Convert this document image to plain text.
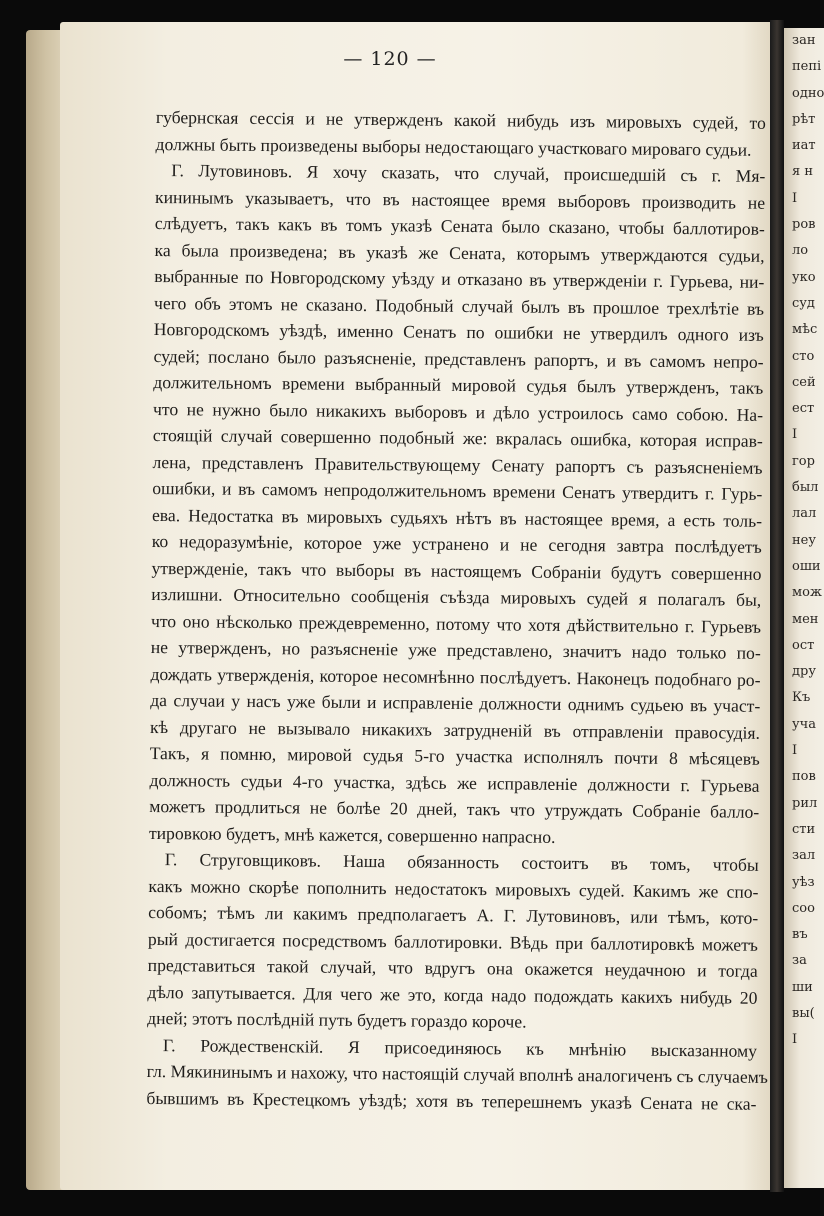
— 120 —
губернская сессія и не утвержденъ какой нибудь изъ мировыхъ судей, то
должны быть произведены выборы недостающаго участковаго мироваго судьи.
Г. Лутовиновъ. Я хочу сказать, что случай, происшедшій съ г. Мя-
кининымъ указываетъ, что въ настоящее время выборовъ производить не
слѣдуетъ, такъ какъ въ томъ указѣ Сената было сказано, чтобы баллотиров-
ка была произведена; въ указѣ же Сената, которымъ утверждаются судьи,
выбранные по Новгородскому уѣзду и отказано въ утвержденіи г. Гурьева, ни-
чего объ этомъ не сказано. Подобный случай былъ въ прошлое трехлѣтіе въ
Новгородскомъ уѣздѣ, именно Сенатъ по ошибки не утвердилъ одного изъ
судей; послано было разъясненіе, представленъ рапортъ, и въ самомъ непро-
должительномъ времени выбранный мировой судья былъ утвержденъ, такъ
что не нужно было никакихъ выборовъ и дѣло устроилось само собою. На-
стоящій случай совершенно подобный же: вкралась ошибка, которая исправ-
лена, представленъ Правительствующему Сенату рапортъ съ разъясненіемъ
ошибки, и въ самомъ непродолжительномъ времени Сенатъ утвердитъ г. Гурь-
ева. Недостатка въ мировыхъ судьяхъ нѣтъ въ настоящее время, а есть толь-
ко недоразумѣніе, которое уже устранено и не сегодня завтра послѣдуетъ
утвержденіе, такъ что выборы въ настоящемъ Собраніи будутъ совершенно
излишни. Относительно сообщенія съѣзда мировыхъ судей я полагалъ бы,
что оно нѣсколько преждевременно, потому что хотя дѣйствительно г. Гурьевъ
не утвержденъ, но разъясненіе уже представлено, значитъ надо только по-
дождать утвержденія, которое несомнѣнно послѣдуетъ. Наконецъ подобнаго ро-
да случаи у насъ уже были и исправленіе должности однимъ судьею въ участ-
кѣ другаго не вызывало никакихъ затрудненій въ отправленіи правосудія.
Такъ, я помню, мировой судья 5-го участка исполнялъ почти 8 мѣсяцевъ
должность судьи 4-го участка, здѣсь же исправленіе должности г. Гурьева
можетъ продлиться не болѣе 20 дней, такъ что утруждать Собраніе балло-
тировкою будетъ, мнѣ кажется, совершенно напрасно.
Г. Струговщиковъ. Наша обязанность состоитъ въ томъ, чтобы
какъ можно скорѣе пополнить недостатокъ мировыхъ судей. Какимъ же спо-
собомъ; тѣмъ ли какимъ предполагаетъ А. Г. Лутовиновъ, или тѣмъ, кото-
рый достигается посредствомъ баллотировки. Вѣдь при баллотировкѣ можетъ
представиться такой случай, что вдругъ она окажется неудачною и тогда
дѣло запутывается. Для чего же это, когда надо подождать какихъ нибудь 20
дней; этотъ послѣдній путь будетъ гораздо короче.
Г. Рождественскій. Я присоединяюсь къ мнѣнію высказанному
гл. Мякининымъ и нахожу, что настоящій случай вполнѣ аналогиченъ съ случаемъ
бывшимъ въ Крестецкомъ уѣздѣ; хотя въ теперешнемъ указѣ Сената не ска-
зан
пепі
одно
рѣт
иат
я н
І
ров
ло
уко
суд
мѣс
сто
сей
ест
І
гор
был
лал
неу
оши
мож
мен
ост
дру
Къ
уча
І
пов
рил
сти
зал
уѣз
coo
въ
за
ши
вы(
І
